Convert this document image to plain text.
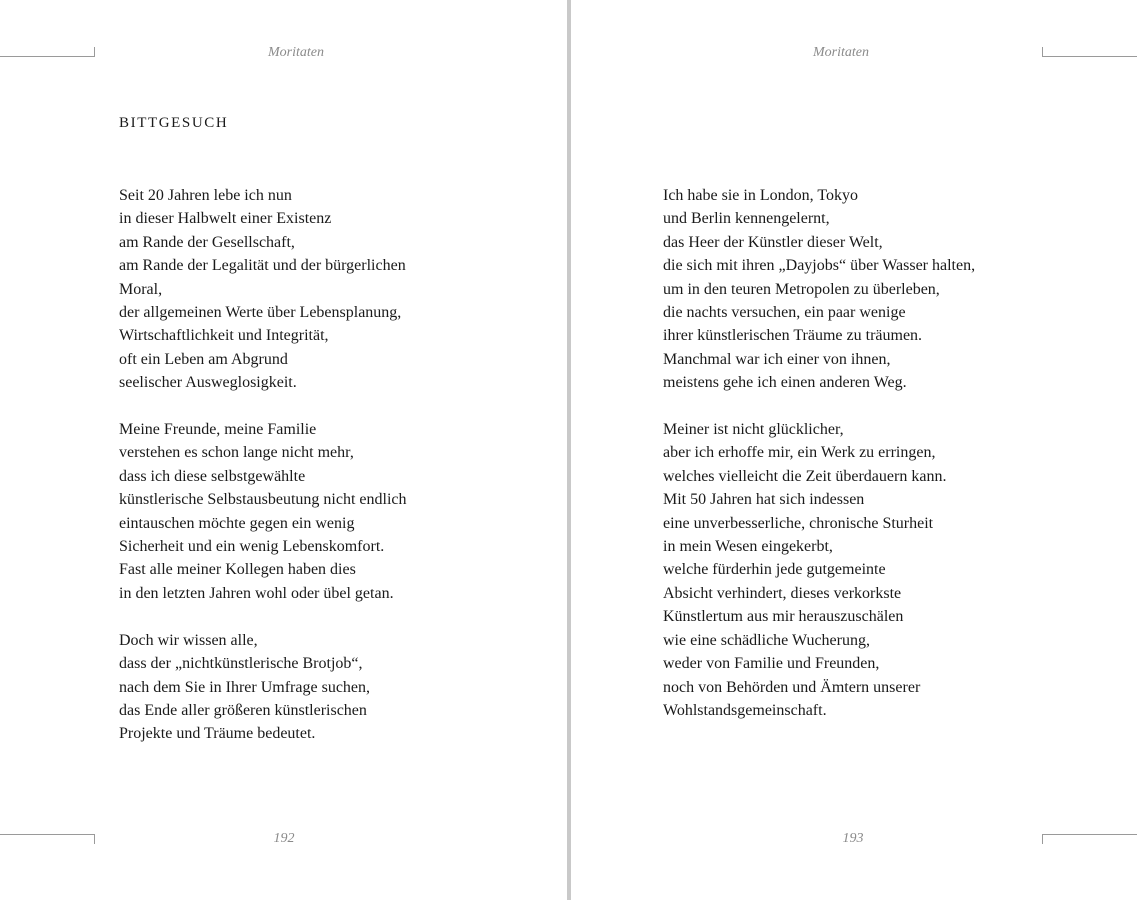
Moritaten
BITTGESUCH

Seit 20 Jahren lebe ich nun
in dieser Halbwelt einer Existenz
am Rande der Gesellschaft,
am Rande der Legalität und der bürgerlichen
Moral,
der allgemeinen Werte über Lebensplanung,
Wirtschaftlichkeit und Integrität,
oft ein Leben am Abgrund
seelischer Ausweglosigkeit.

Meine Freunde, meine Familie
verstehen es schon lange nicht mehr,
dass ich diese selbstgewählte
künstlerische Selbstausbeutung nicht endlich
eintauschen möchte gegen ein wenig
Sicherheit und ein wenig Lebenskomfort.
Fast alle meiner Kollegen haben dies
in den letzten Jahren wohl oder übel getan.

Doch wir wissen alle,
dass der „nichtkünstlerische Brotjob“,
nach dem Sie in Ihrer Umfrage suchen,
das Ende aller größeren künstlerischen
Projekte und Träume bedeutet.

192
Moritaten

Ich habe sie in London, Tokyo
und Berlin kennengelernt,
das Heer der Künstler dieser Welt,
die sich mit ihren „Dayjobs“ über Wasser halten,
um in den teuren Metropolen zu überleben,
die nachts versuchen, ein paar wenige
ihrer künstlerischen Träume zu träumen.
Manchmal war ich einer von ihnen,
meistens gehe ich einen anderen Weg.

Meiner ist nicht glücklicher,
aber ich erhoffe mir, ein Werk zu erringen,
welches vielleicht die Zeit überdauern kann.
Mit 50 Jahren hat sich indessen
eine unverbesserliche, chronische Sturheit
in mein Wesen eingekerbt,
welche fürderhin jede gutgemeinte
Absicht verhindert, dieses verkorkste
Künstlertum aus mir herauszuschälen
wie eine schädliche Wucherung,
weder von Familie und Freunden,
noch von Behörden und Ämtern unserer
Wohlstandsgemeinschaft.

193
